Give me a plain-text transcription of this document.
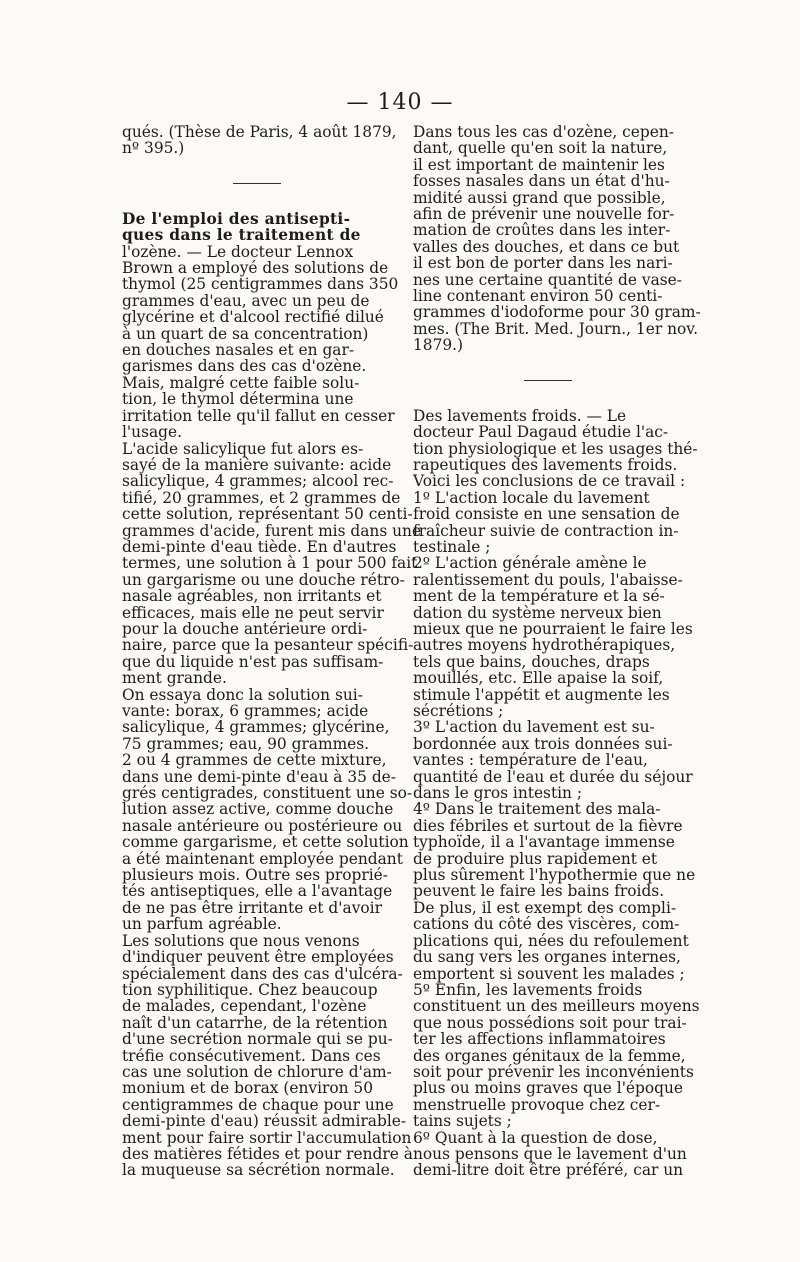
— 140 —
qués. (Thèse de Paris, 4 août 1879,
nº 395.)
De l'emploi des antisepti-
ques dans le traitement de
l'ozène. — Le docteur Lennox
Brown a employé des solutions de
thymol (25 centigrammes dans 350
grammes d'eau, avec un peu de
glycérine et d'alcool rectifié dilué
à un quart de sa concentration)
en douches nasales et en gar-
garismes dans des cas d'ozène.
Mais, malgré cette faible solu-
tion, le thymol détermina une
irritation telle qu'il fallut en cesser
l'usage.
L'acide salicylique fut alors es-
sayé de la manière suivante: acide
salicylique, 4 grammes; alcool rec-
tifié, 20 grammes, et 2 grammes de
cette solution, représentant 50 centi-
grammes d'acide, furent mis dans une
demi-pinte d'eau tiède. En d'autres
termes, une solution à 1 pour 500 fait
un gargarisme ou une douche rétro-
nasale agréables, non irritants et
efficaces, mais elle ne peut servir
pour la douche antérieure ordi-
naire, parce que la pesanteur spécifi-
que du liquide n'est pas suffisam-
ment grande.
On essaya donc la solution sui-
vante: borax, 6 grammes; acide
salicylique, 4 grammes; glycérine,
75 grammes; eau, 90 grammes.
2 ou 4 grammes de cette mixture,
dans une demi-pinte d'eau à 35 de-
grés centigrades, constituent une so-
lution assez active, comme douche
nasale antérieure ou postérieure ou
comme gargarisme, et cette solution
a été maintenant employée pendant
plusieurs mois. Outre ses proprié-
tés antiseptiques, elle a l'avantage
de ne pas être irritante et d'avoir
un parfum agréable.
Les solutions que nous venons
d'indiquer peuvent être employées
spécialement dans des cas d'ulcéra-
tion syphilitique. Chez beaucoup
de malades, cependant, l'ozène
naît d'un catarrhe, de la rétention
d'une secrétion normale qui se pu-
tréfie consécutivement. Dans ces
cas une solution de chlorure d'am-
monium et de borax (environ 50
centigrammes de chaque pour une
demi-pinte d'eau) réussit admirable-
ment pour faire sortir l'accumulation
des matières fétides et pour rendre à
la muqueuse sa sécrétion normale.
Dans tous les cas d'ozène, cepen-
dant, quelle qu'en soit la nature,
il est important de maintenir les
fosses nasales dans un état d'hu-
midité aussi grand que possible,
afin de prévenir une nouvelle for-
mation de croûtes dans les inter-
valles des douches, et dans ce but
il est bon de porter dans les nari-
nes une certaine quantité de vase-
line contenant environ 50 centi-
grammes d'iodoforme pour 30 gram-
mes. (The Brit. Med. Journ., 1er nov.
1879.)
Des lavements froids. — Le
docteur Paul Dagaud étudie l'ac-
tion physiologique et les usages thé-
rapeutiques des lavements froids.
Voici les conclusions de ce travail :
1º L'action locale du lavement
froid consiste en une sensation de
fraîcheur suivie de contraction in-
testinale ;
2º L'action générale amène le
ralentissement du pouls, l'abaisse-
ment de la température et la sé-
dation du système nerveux bien
mieux que ne pourraient le faire les
autres moyens hydrothérapiques,
tels que bains, douches, draps
mouillés, etc. Elle apaise la soif,
stimule l'appétit et augmente les
sécrétions ;
3º L'action du lavement est su-
bordonnée aux trois données sui-
vantes : température de l'eau,
quantité de l'eau et durée du séjour
dans le gros intestin ;
4º Dans le traitement des mala-
dies fébriles et surtout de la fièvre
typhoïde, il a l'avantage immense
de produire plus rapidement et
plus sûrement l'hypothermie que ne
peuvent le faire les bains froids.
De plus, il est exempt des compli-
cations du côté des viscères, com-
plications qui, nées du refoulement
du sang vers les organes internes,
emportent si souvent les malades ;
5º Enfin, les lavements froids
constituent un des meilleurs moyens
que nous possédions soit pour trai-
ter les affections inflammatoires
des organes génitaux de la femme,
soit pour prévenir les inconvénients
plus ou moins graves que l'époque
menstruelle provoque chez cer-
tains sujets ;
6º Quant à la question de dose,
nous pensons que le lavement d'un
demi-litre doit être préféré, car un
